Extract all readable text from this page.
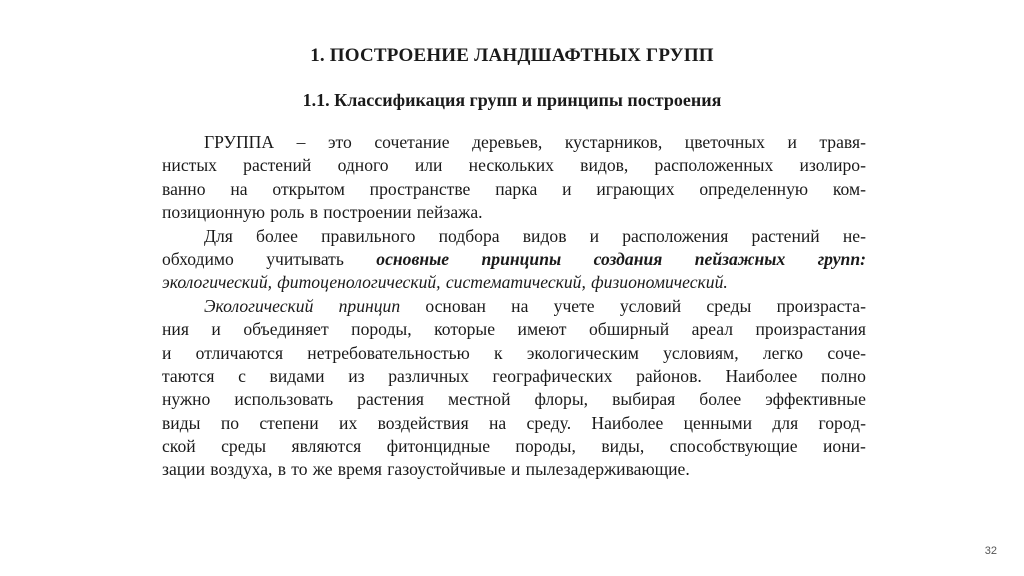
1. ПОСТРОЕНИЕ ЛАНДШАФТНЫХ ГРУПП
1.1. Классификация групп и принципы построения
ГРУППА – это сочетание деревьев, кустарников, цветочных и травя-
нистых растений одного или нескольких видов, расположенных изолиро-
ванно на открытом пространстве парка и играющих определенную ком-
позиционную роль в построении пейзажа.
Для более правильного подбора видов и расположения растений не-
обходимо учитывать основные принципы создания пейзажных групп:
экологический, фитоценологический, систематический, физиономический.
Экологический принцип основан на учете условий среды произраста-
ния и объединяет породы, которые имеют обширный ареал произрастания
и отличаются нетребовательностью к экологическим условиям, легко соче-
таются с видами из различных географических районов. Наиболее полно
нужно использовать растения местной флоры, выбирая более эффективные
виды по степени их воздействия на среду. Наиболее ценными для город-
ской среды являются фитонцидные породы, виды, способствующие иони-
зации воздуха, в то же время газоустойчивые и пылезадерживающие.
32
